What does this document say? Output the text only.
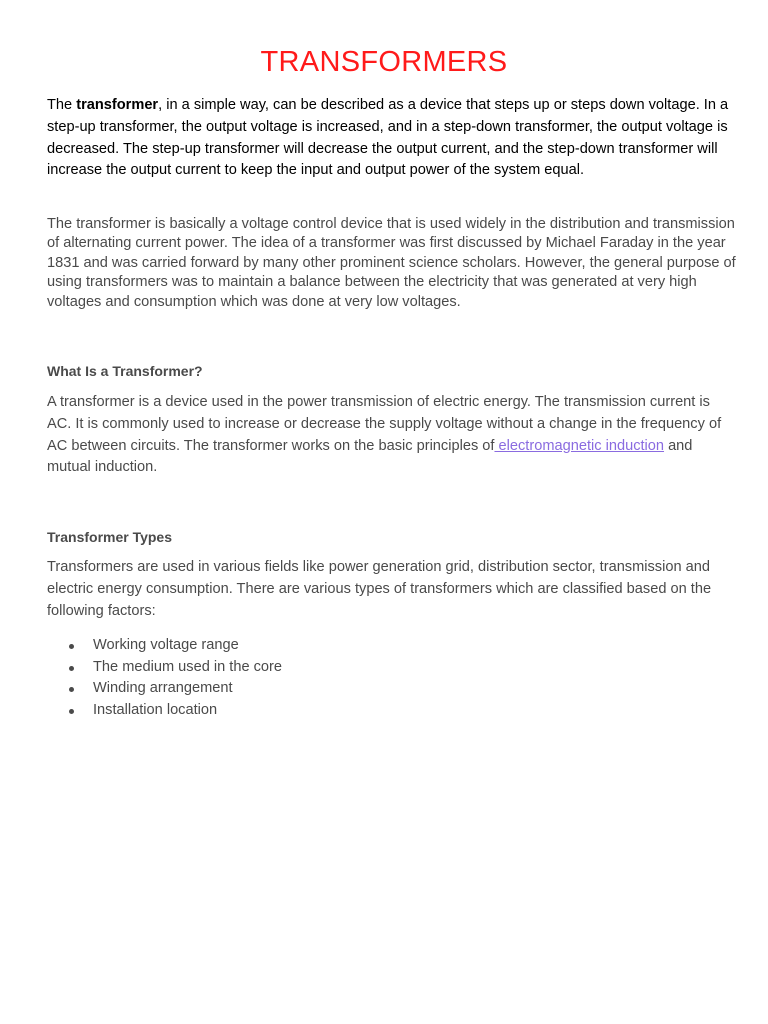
TRANSFORMERS

The transformer, in a simple way, can be described as a device that steps up or steps down voltage. In a step-up transformer, the output voltage is increased, and in a step-down transformer, the output voltage is decreased. The step-up transformer will decrease the output current, and the step-down transformer will increase the output current to keep the input and output power of the system equal.

The transformer is basically a voltage control device that is used widely in the distribution and transmission of alternating current power. The idea of a transformer was first discussed by Michael Faraday in the year 1831 and was carried forward by many other prominent science scholars. However, the general purpose of using transformers was to maintain a balance between the electricity that was generated at very high voltages and consumption which was done at very low voltages.

What Is a Transformer?

A transformer is a device used in the power transmission of electric energy. The transmission current is AC. It is commonly used to increase or decrease the supply voltage without a change in the frequency of AC between circuits. The transformer works on the basic principles of electromagnetic induction and mutual induction.

Transformer Types

Transformers are used in various fields like power generation grid, distribution sector, transmission and electric energy consumption. There are various types of transformers which are classified based on the following factors:

Working voltage range
The medium used in the core
Winding arrangement
Installation location
